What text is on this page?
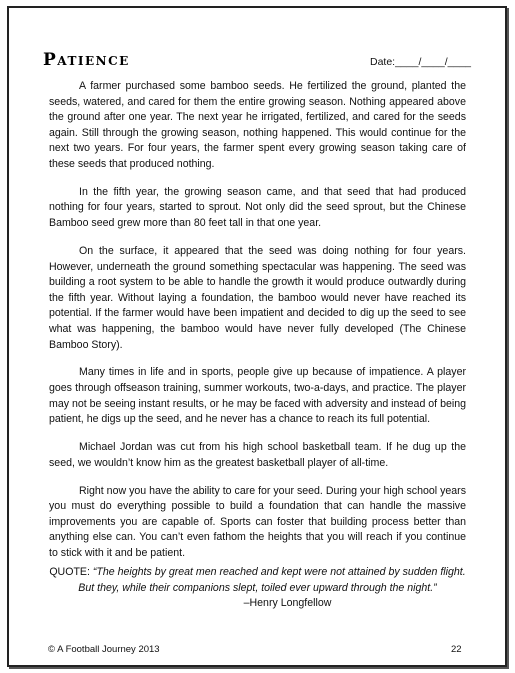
Patience	Date:____/____/____

A farmer purchased some bamboo seeds. He fertilized the ground, planted the seeds, watered, and cared for them the entire growing season. Nothing appeared above the ground after one year. The next year he irrigated, fertilized, and cared for the seeds again. Still through the growing season, nothing happened. This would continue for the next two years. For four years, the farmer spent every growing season taking care of these seeds that produced nothing.

In the fifth year, the growing season came, and that seed that had produced nothing for four years, started to sprout. Not only did the seed sprout, but the Chinese Bamboo seed grew more than 80 feet tall in that one year.

On the surface, it appeared that the seed was doing nothing for four years. However, underneath the ground something spectacular was happening. The seed was building a root system to be able to handle the growth it would produce outwardly during the fifth year. Without laying a foundation, the bamboo would never have reached its potential. If the farmer would have been impatient and decided to dig up the seed to see what was happening, the bamboo would have never fully developed (The Chinese Bamboo Story).

Many times in life and in sports, people give up because of impatience. A player goes through offseason training, summer workouts, two-a-days, and practice. The player may not be seeing instant results, or he may be faced with adversity and instead of being patient, he digs up the seed, and he never has a chance to reach its full potential.

Michael Jordan was cut from his high school basketball team. If he dug up the seed, we wouldn’t know him as the greatest basketball player of all-time.

Right now you have the ability to care for your seed. During your high school years you must do everything possible to build a foundation that can handle the massive improvements you are capable of. Sports can foster that building process better than anything else can. You can’t even fathom the heights that you will reach if you continue to stick with it and be patient.

QUOTE: “The heights by great men reached and kept were not attained by sudden flight.
But they, while their companions slept, toiled ever upward through the night.”
–Henry Longfellow
© A Football Journey 2013	22
